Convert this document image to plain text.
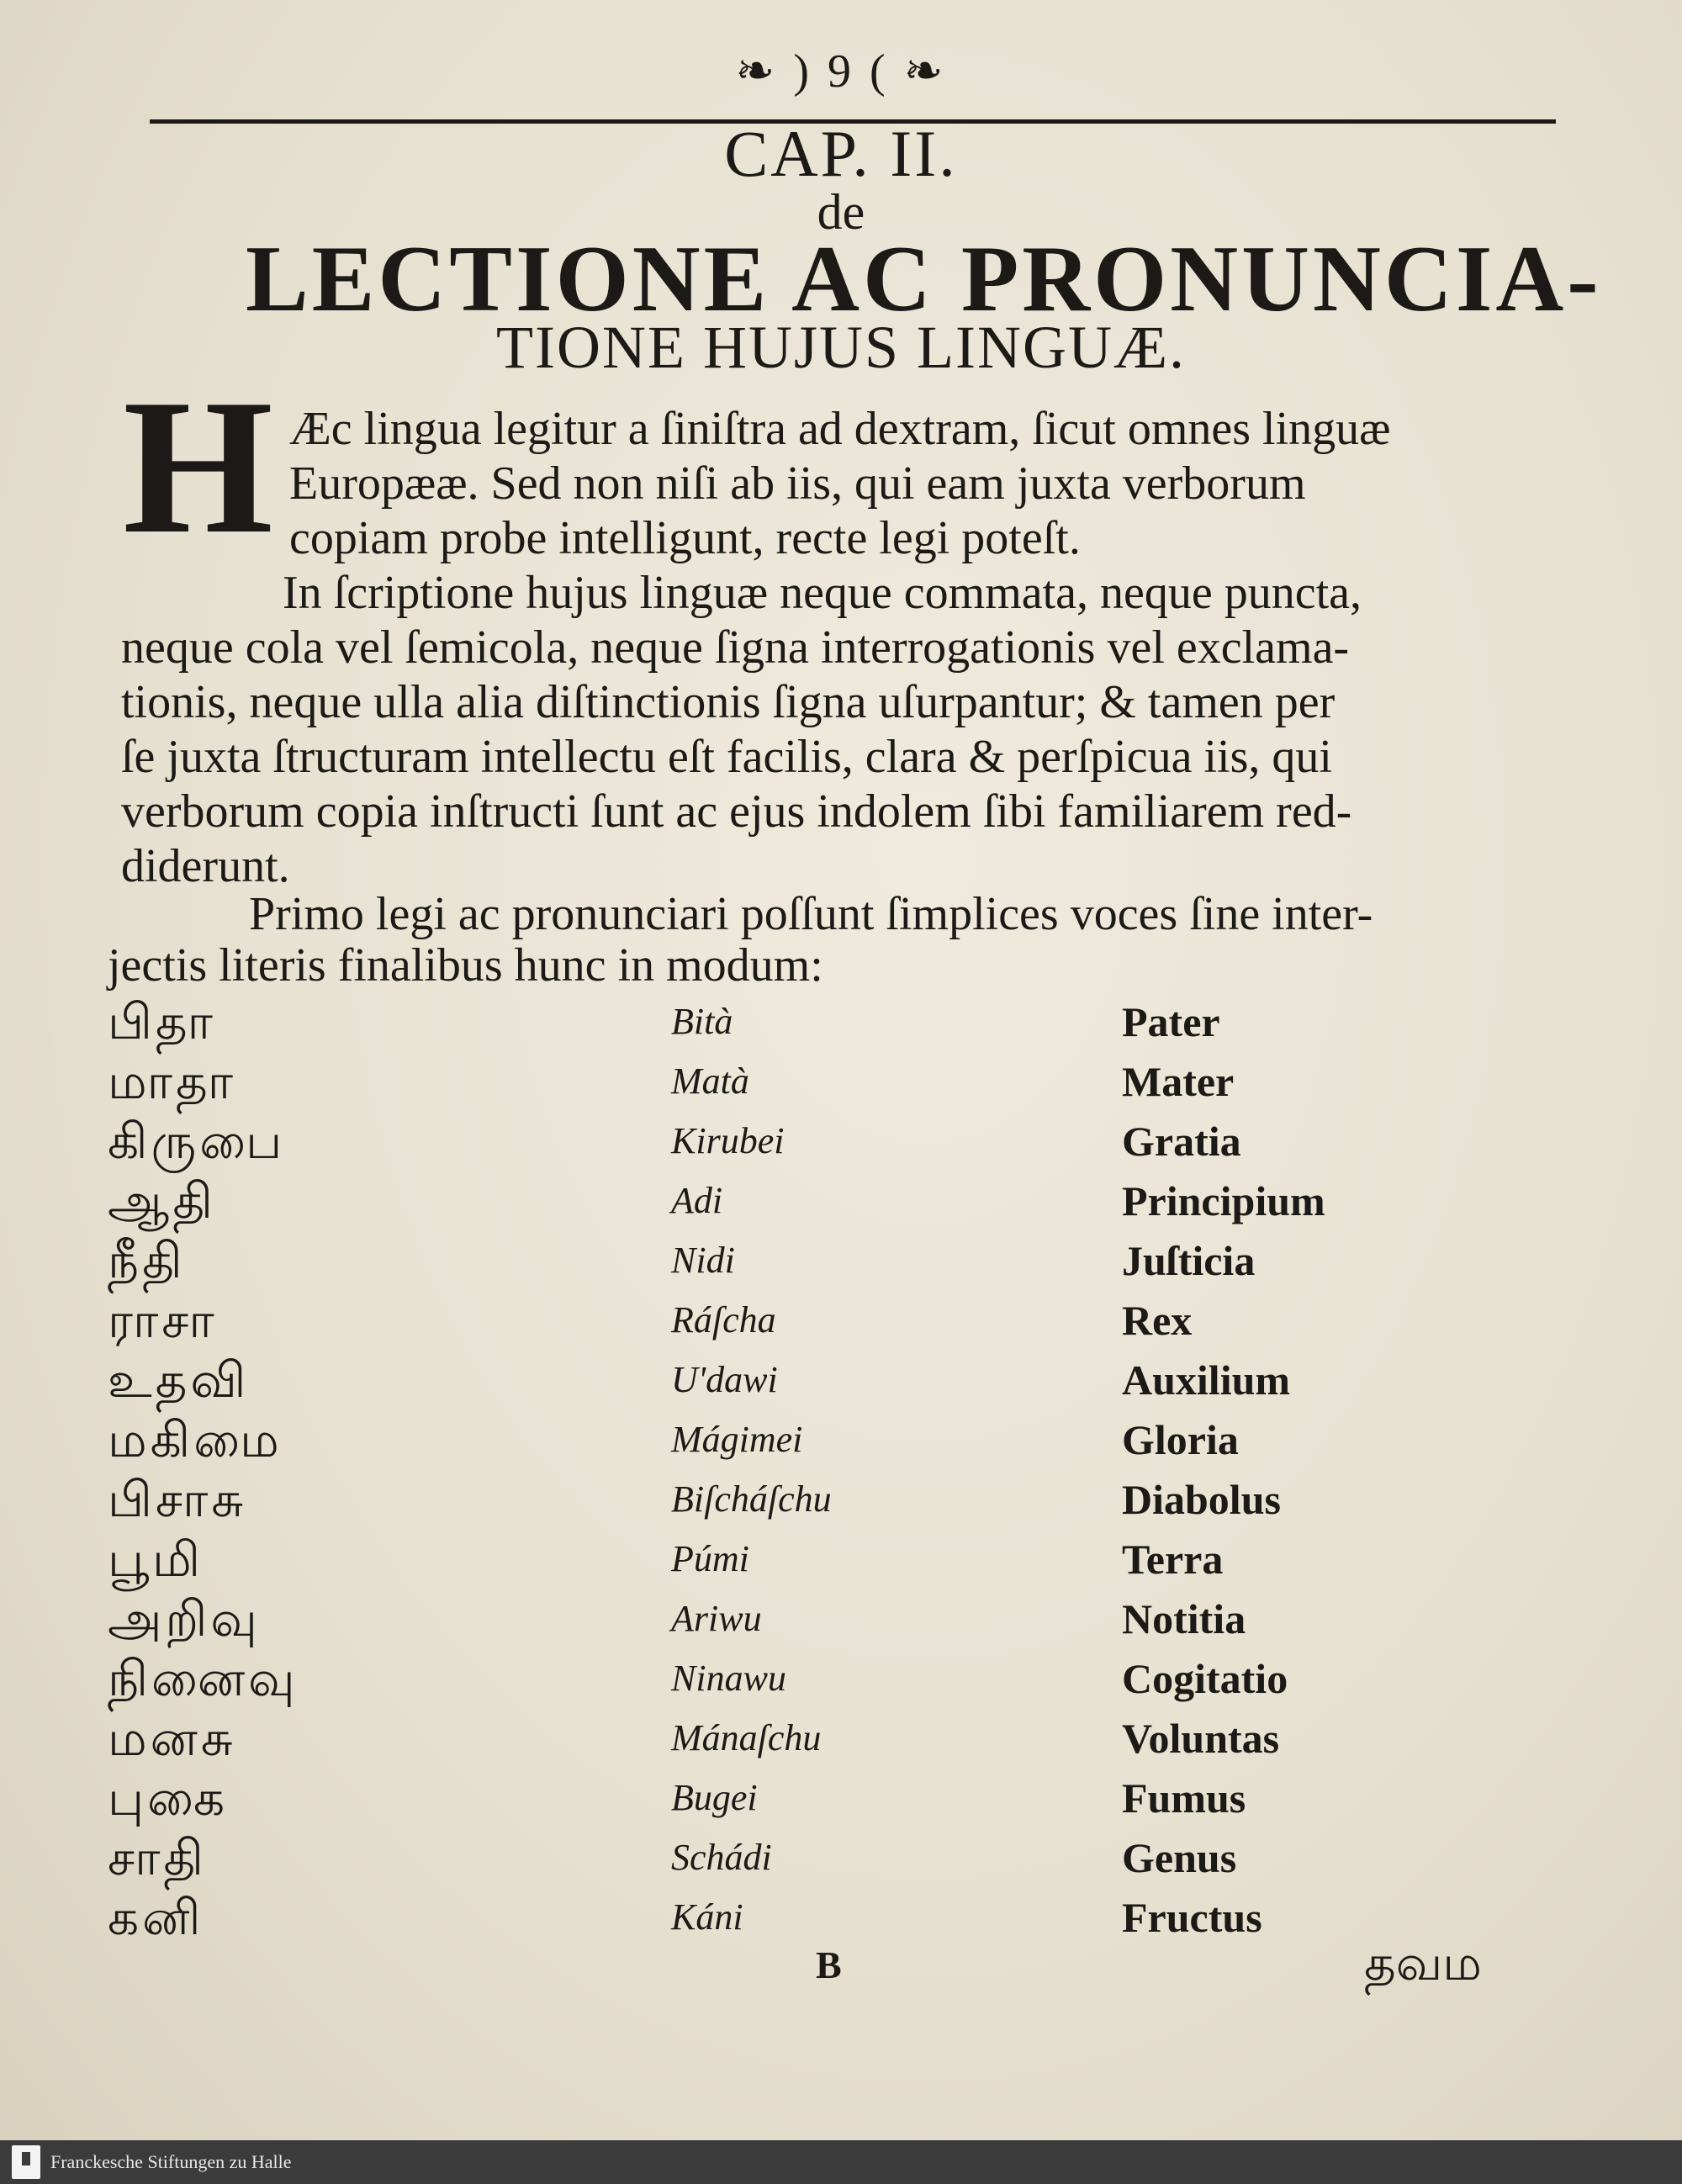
❧ ) 9 ( ❧
CAP. II.
de
LECTIONE AC PRONUNCIA-
TIONE HUJUS LINGUÆ.
H Æc lingua legitur a ſiniſtra ad dextram, ſicut omnes linguæ
Europææ. Sed non niſi ab iis, qui eam juxta verborum
copiam probe intelligunt, recte legi poteſt.
In ſcriptione hujus linguæ neque commata, neque puncta,
neque cola vel ſemicola, neque ſigna interrogationis vel exclama-
tionis, neque ulla alia diſtinctionis ſigna uſurpantur; & tamen per
ſe juxta ſtructuram intellectu eſt facilis, clara & perſpicua iis, qui
verborum copia inſtructi ſunt ac ejus indolem ſibi familiarem red-
diderunt.
Primo legi ac pronunciari poſſunt ſimplices voces ſine inter-
jectis literis finalibus hunc in modum:
பிதா	Bità	Pater
மாதா	Matà	Mater
கிருபை	Kirubei	Gratia
ஆதி	Adi	Principium
நீதி	Nidi	Juſticia
ராசா	Ráſcha	Rex
உதவி	U'dawi	Auxilium
மகிமை	Mágimei	Gloria
பிசாசு	Biſcháſchu	Diabolus
பூமி	Púmi	Terra
அறிவு	Ariwu	Notitia
நினைவு	Ninawu	Cogitatio
மனசு	Mánaſchu	Voluntas
புகை	Bugei	Fumus
சாதி	Schádi	Genus
கனி	Káni	Fructus
B	தவம
Franckesche Stiftungen zu Halle
